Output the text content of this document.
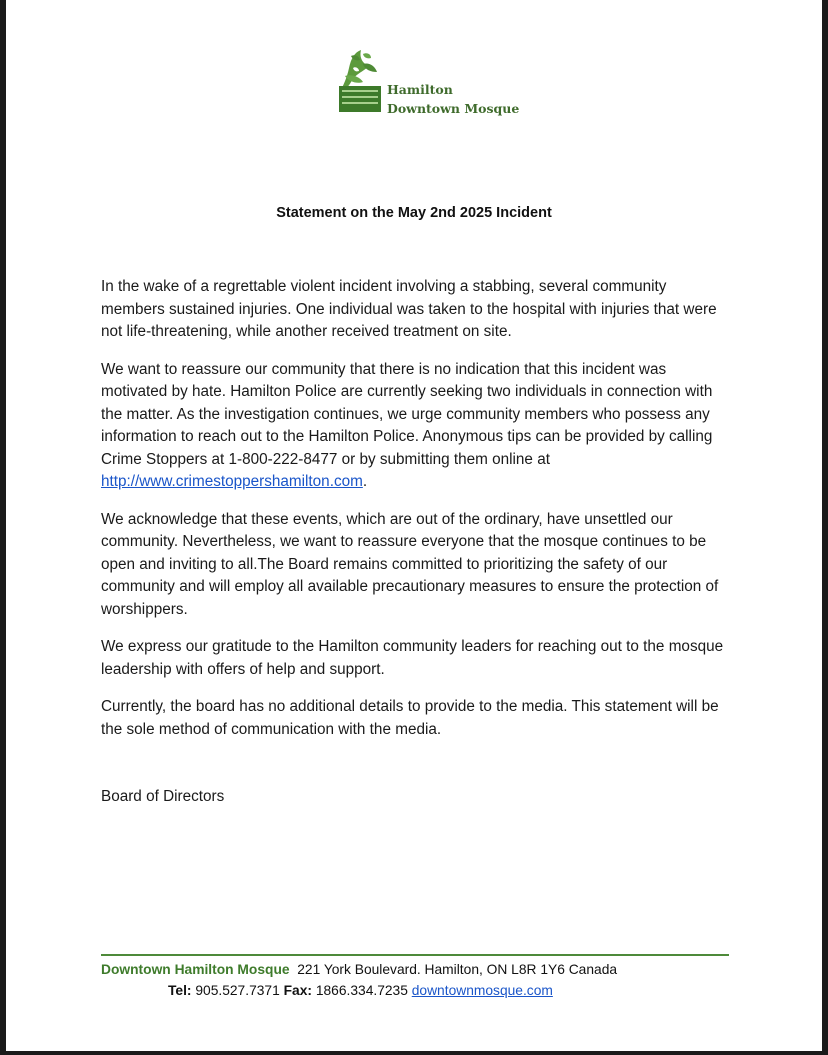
Hamilton
Downtown Mosque
Statement on the May 2nd 2025 Incident

In the wake of a regrettable violent incident involving a stabbing, several community members sustained injuries. One individual was taken to the hospital with injuries that were not life-threatening, while another received treatment on site.

We want to reassure our community that there is no indication that this incident was motivated by hate. Hamilton Police are currently seeking two individuals in connection with the matter. As the investigation continues, we urge community members who possess any information to reach out to the Hamilton Police. Anonymous tips can be provided by calling Crime Stoppers at 1-800-222-8477 or by submitting them online at http://www.crimestoppershamilton.com.

We acknowledge that these events, which are out of the ordinary, have unsettled our community. Nevertheless, we want to reassure everyone that the mosque continues to be open and inviting to all.The Board remains committed to prioritizing the safety of our community and will employ all available precautionary measures to ensure the protection of worshippers.

We express our gratitude to the Hamilton community leaders for reaching out to the mosque leadership with offers of help and support.

Currently, the board has no additional details to provide to the media. This statement will be the sole method of communication with the media.

Board of Directors
Downtown Hamilton Mosque 221 York Boulevard. Hamilton, ON L8R 1Y6 Canada
Tel: 905.527.7371 Fax: 1866.334.7235 downtownmosque.com
